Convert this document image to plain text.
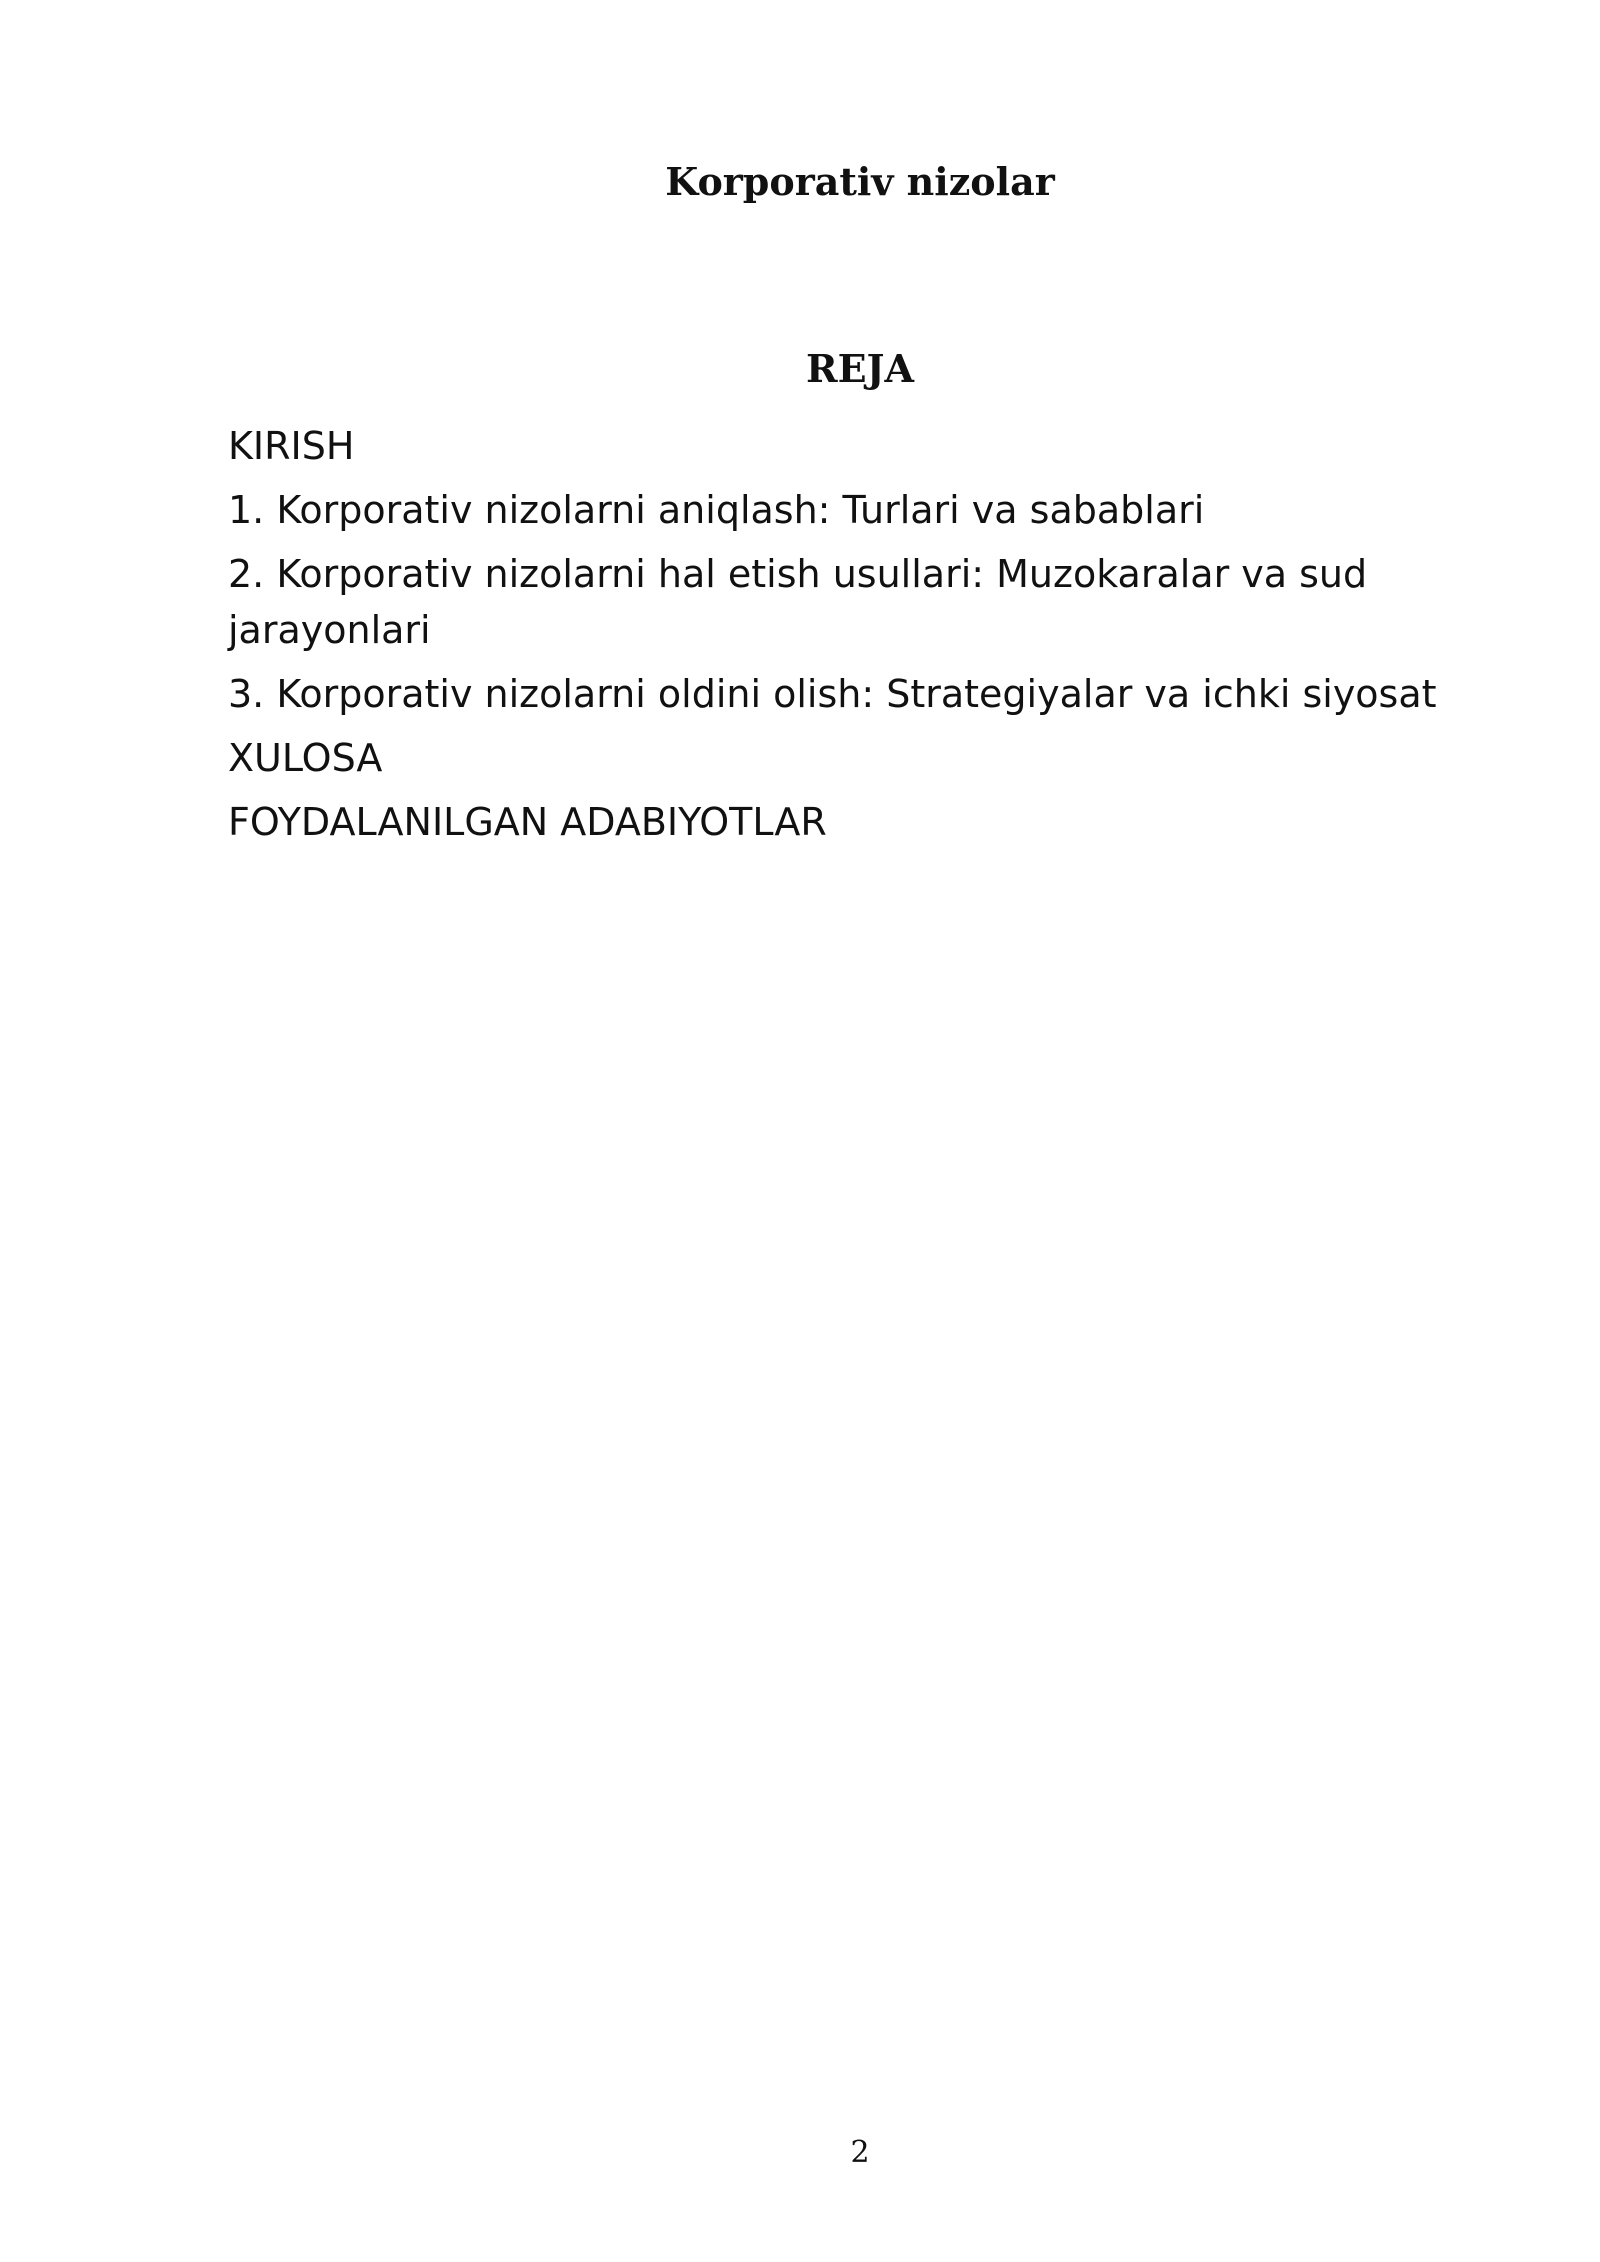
Korporativ nizolar
REJA
KIRISH
1. Korporativ nizolarni aniqlash: Turlari va sabablari
2. Korporativ nizolarni hal etish usullari: Muzokaralar va sud jarayonlari
3. Korporativ nizolarni oldini olish: Strategiyalar va ichki siyosat
XULOSA
FOYDALANILGAN ADABIYOTLAR
2
